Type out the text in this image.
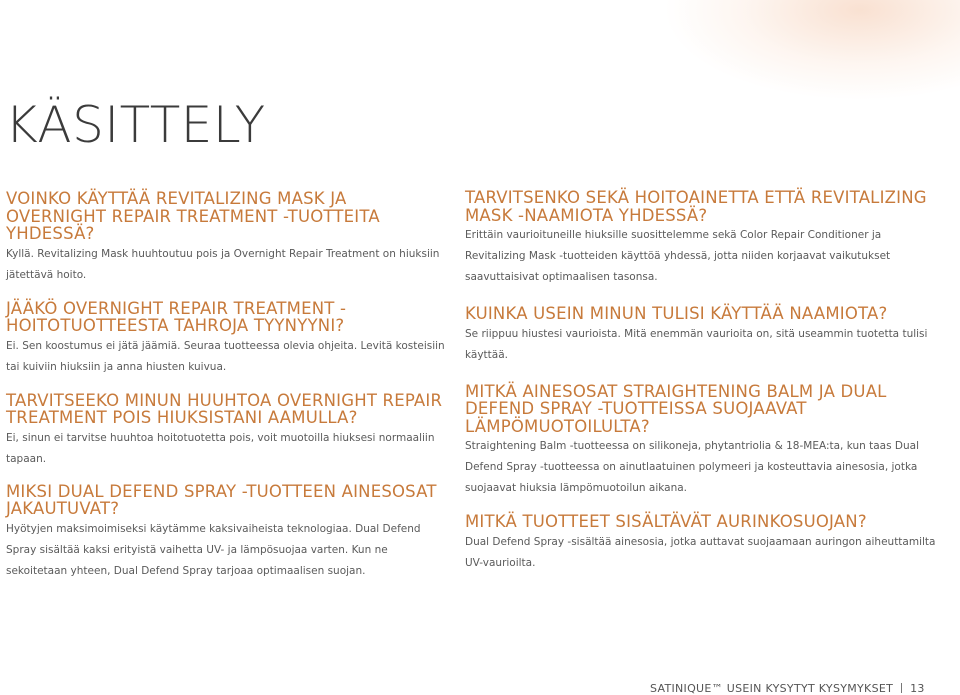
KÄSITTELY
VOINKO KÄYTTÄÄ REVITALIZING MASK JA OVERNIGHT REPAIR TREATMENT -TUOTTEITA YHDESSÄ?

Kyllä. Revitalizing Mask huuhtoutuu pois ja Overnight Repair Treatment on hiuksiin jätettävä hoito.

JÄÄKÖ OVERNIGHT REPAIR TREATMENT -HOITOTUOTTEESTA TAHROJA TYYNYYNI?

Ei. Sen koostumus ei jätä jäämiä. Seuraa tuotteessa olevia ohjeita. Levitä kosteisiin tai kuiviin hiuksiin ja anna hiusten kuivua.

TARVITSEEKO MINUN HUUHTOA OVERNIGHT REPAIR TREATMENT POIS HIUKSISTANI AAMULLA?

Ei, sinun ei tarvitse huuhtoa hoitotuotetta pois, voit muotoilla hiuksesi normaaliin tapaan.

MIKSI DUAL DEFEND SPRAY -TUOTTEEN AINESOSAT JAKAUTUVAT?

Hyötyjen maksimoimiseksi käytämme kaksivaiheista teknologiaa. Dual Defend Spray sisältää kaksi erityistä vaihetta UV- ja lämpösuojaa varten. Kun ne sekoitetaan yhteen, Dual Defend Spray tarjoaa optimaalisen suojan.

TARVITSENKO SEKÄ HOITOAINETTA ETTÄ REVITALIZING MASK -NAAMIOTA YHDESSÄ?

Erittäin vaurioituneille hiuksille suosittelemme sekä Color Repair Conditioner ja Revitalizing Mask -tuotteiden käyttöä yhdessä, jotta niiden korjaavat vaikutukset saavuttaisivat optimaalisen tasonsa.

KUINKA USEIN MINUN TULISI KÄYTTÄÄ NAAMIOTA?

Se riippuu hiustesi vaurioista. Mitä enemmän vaurioita on, sitä useammin tuotetta tulisi käyttää.

MITKÄ AINESOSAT STRAIGHTENING BALM JA DUAL DEFEND SPRAY -TUOTTEISSA SUOJAAVAT LÄMPÖMUOTOILULTA?

Straightening Balm -tuotteessa on silikoneja, phytantriolia & 18-MEA:ta, kun taas Dual Defend Spray -tuotteessa on ainutlaatuinen polymeeri ja kosteuttavia ainesosia, jotka suojaavat hiuksia lämpömuotoilun aikana.

MITKÄ TUOTTEET SISÄLTÄVÄT AURINKOSUOJAN?

Dual Defend Spray -sisältää ainesosia, jotka auttavat suojaamaan auringon aiheuttamilta UV-vaurioilta.

SATINIQUE™ USEIN KYSYTYT KYSYMYKSET 13
